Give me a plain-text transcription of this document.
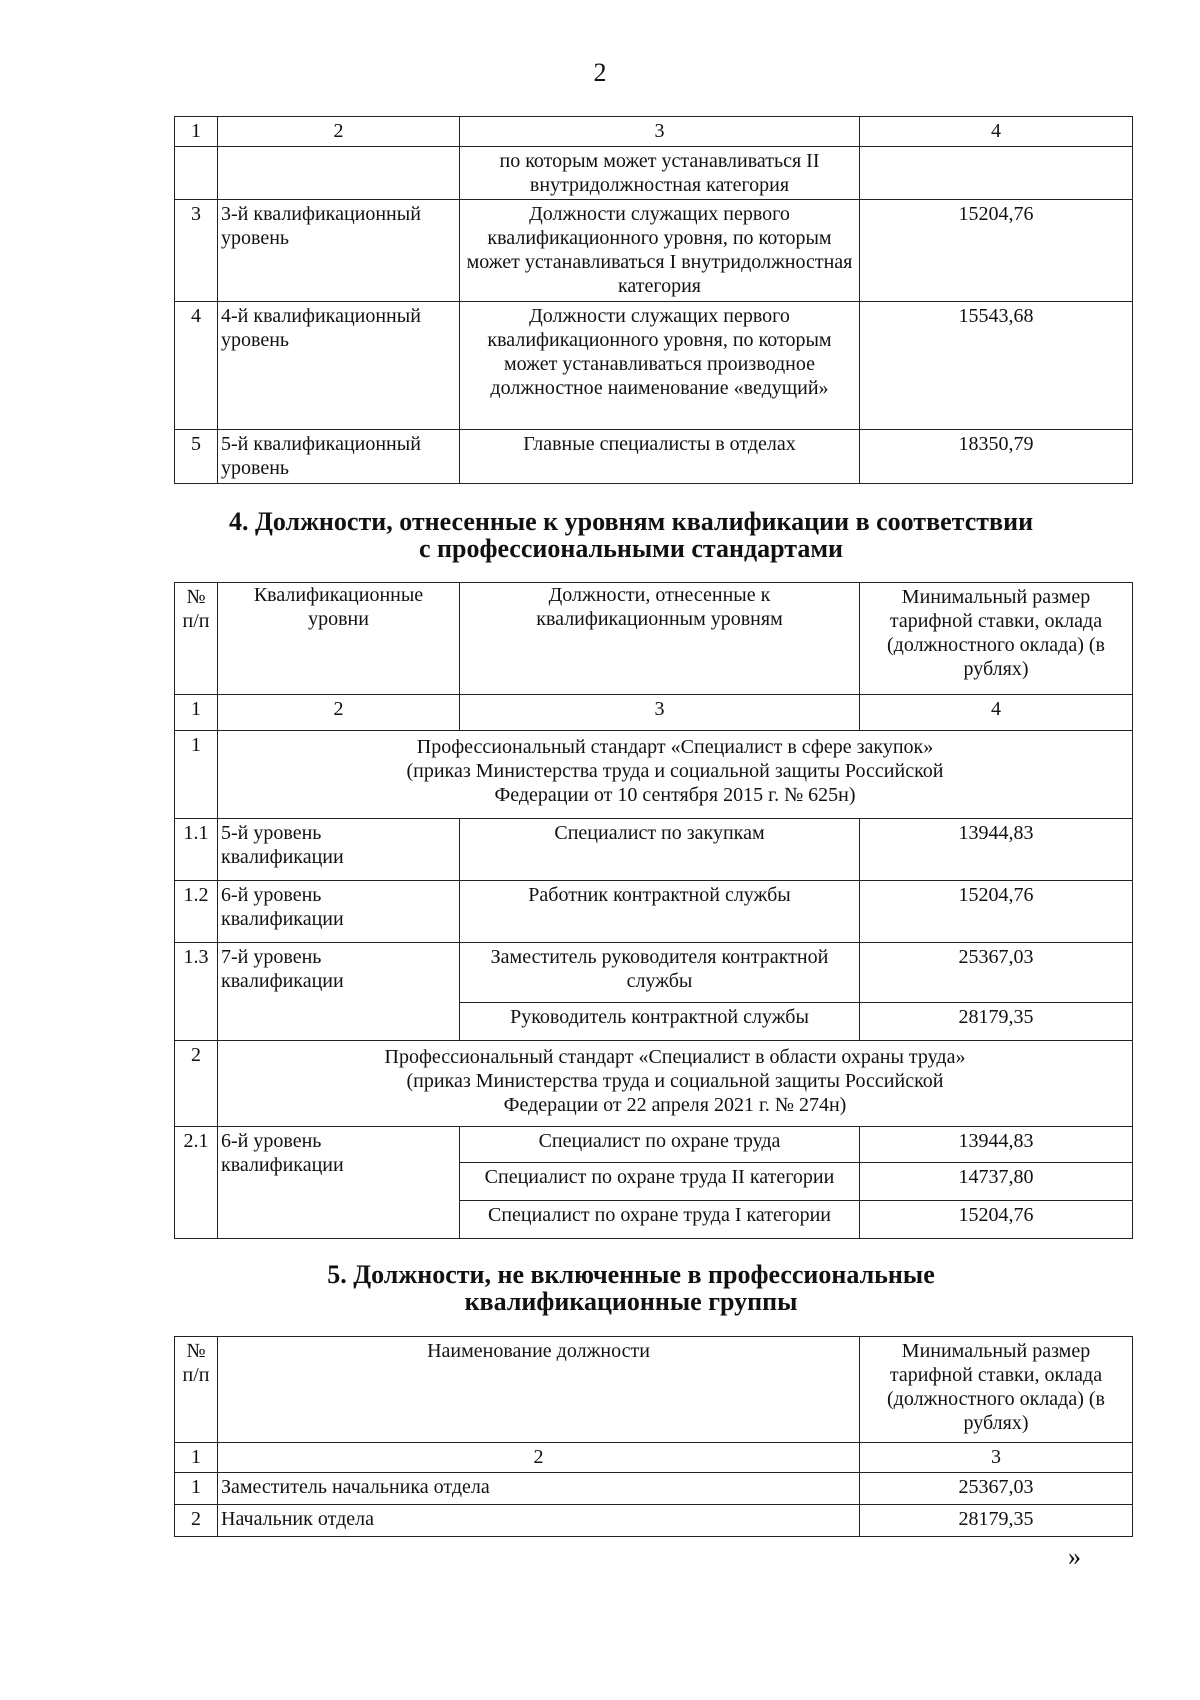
2
1	2	3	4
		по которым может устанавливаться II внутридолжностная категория	
3	3-й квалификационный уровень	Должности служащих первого квалификационного уровня, по которым может устанавливаться I внутридолжностная категория	15204,76
4	4-й квалификационный уровень	Должности служащих первого квалификационного уровня, по которым может устанавливаться производное должностное наименование «ведущий»	15543,68
5	5-й квалификационный уровень	Главные специалисты в отделах	18350,79
4. Должности, отнесенные к уровням квалификации в соответствии
с профессиональными стандартами
№ п/п	Квалификационные уровни	Должности, отнесенные к квалификационным уровням	Минимальный размер тарифной ставки, оклада (должностного оклада) (в рублях)
1	2	3	4
1	Профессиональный стандарт «Специалист в сфере закупок» (приказ Министерства труда и социальной защиты Российской Федерации от 10 сентября 2015 г. № 625н)		
1.1	5-й уровень квалификации	Специалист по закупкам	13944,83
1.2	6-й уровень квалификации	Работник контрактной службы	15204,76
1.3	7-й уровень квалификации	Заместитель руководителя контрактной службы	25367,03
		Руководитель контрактной службы	28179,35
2	Профессиональный стандарт «Специалист в области охраны труда» (приказ Министерства труда и социальной защиты Российской Федерации от 22 апреля 2021 г. № 274н)		
2.1	6-й уровень квалификации	Специалист по охране труда	13944,83
		Специалист по охране труда II категории	14737,80
		Специалист по охране труда I категории	15204,76
5. Должности, не включенные в профессиональные
квалификационные группы
№ п/п	Наименование должности	Минимальный размер тарифной ставки, оклада (должностного оклада) (в рублях)
1	2	3
1	Заместитель начальника отдела	25367,03
2	Начальник отдела	28179,35
»
